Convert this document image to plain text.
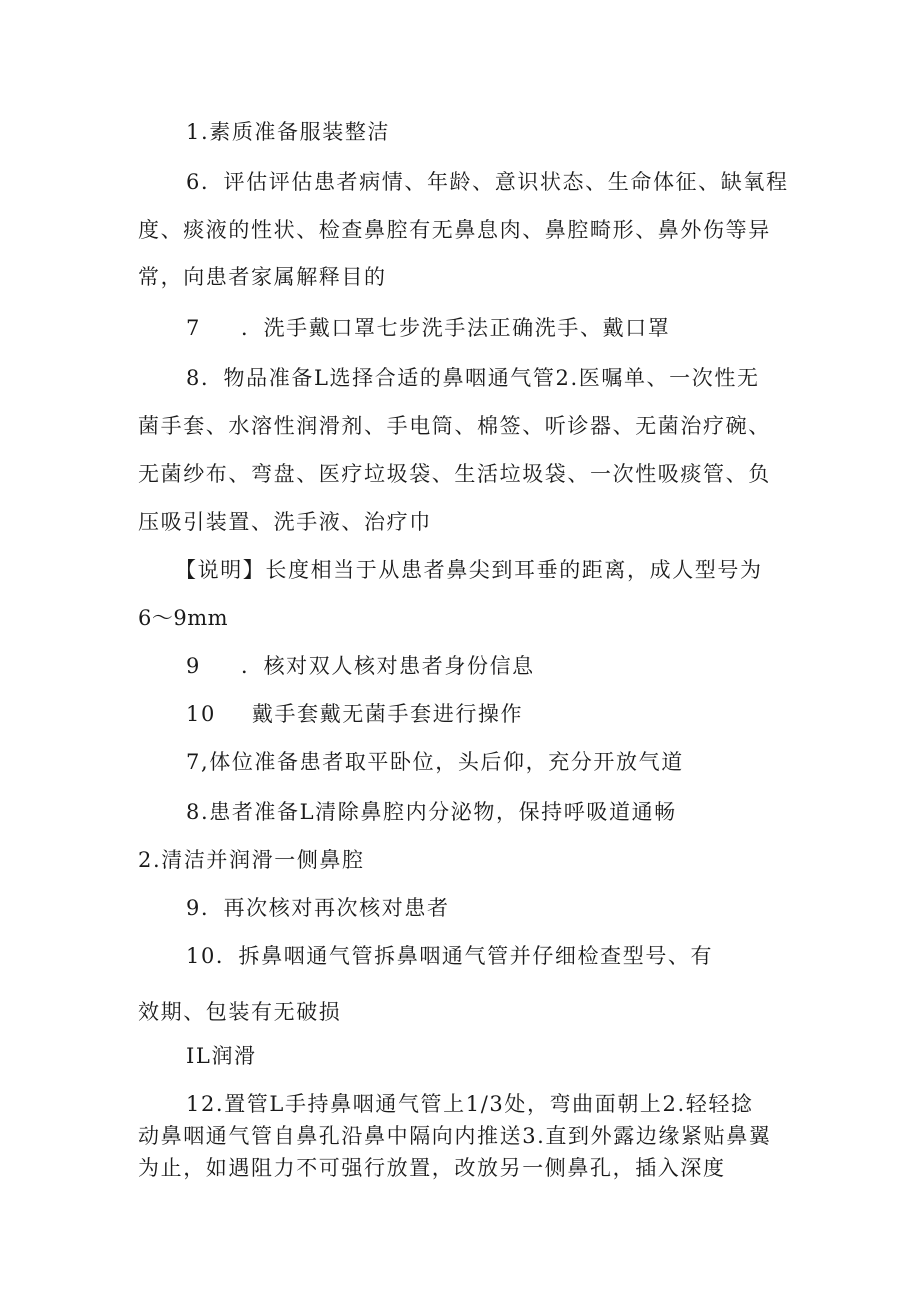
1.素质准备服装整洁
6．评估评估患者病情、年龄、意识状态、生命体征、缺氧程
度、痰液的性状、检查鼻腔有无鼻息肉、鼻腔畸形、鼻外伤等异
常，向患者家属解释目的
7 ．洗手戴口罩七步洗手法正确洗手、戴口罩
8．物品准备L选择合适的鼻咽通气管2.医嘱单、一次性无
菌手套、水溶性润滑剂、手电筒、棉签、听诊器、无菌治疗碗、
无菌纱布、弯盘、医疗垃圾袋、生活垃圾袋、一次性吸痰管、负
压吸引装置、洗手液、治疗巾
【说明】长度相当于从患者鼻尖到耳垂的距离，成人型号为
6～9mm
9 ．核对双人核对患者身份信息
10 戴手套戴无菌手套进行操作
7,体位准备患者取平卧位，头后仰，充分开放气道
8.患者准备L清除鼻腔内分泌物，保持呼吸道通畅
2.清洁并润滑一侧鼻腔
9．再次核对再次核对患者
10．拆鼻咽通气管拆鼻咽通气管并仔细检查型号、有
效期、包装有无破损
IL润滑
12.置管L手持鼻咽通气管上1/3处，弯曲面朝上2.轻轻捻
动鼻咽通气管自鼻孔沿鼻中隔向内推送3.直到外露边缘紧贴鼻翼
为止，如遇阻力不可强行放置，改放另一侧鼻孔，插入深度
